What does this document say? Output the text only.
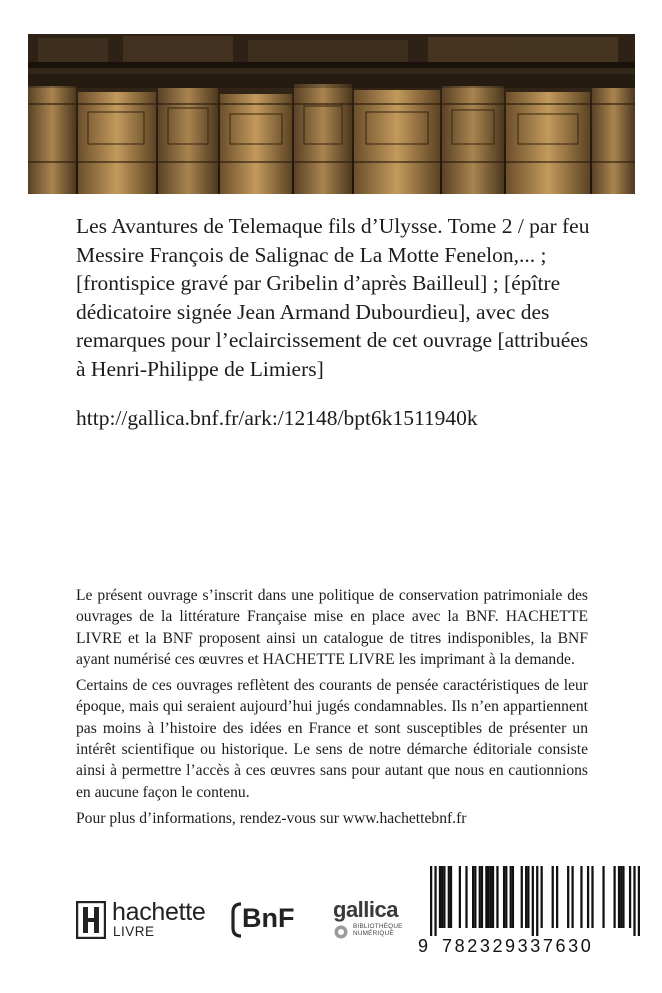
Les Avantures de Telemaque fils d’Ulysse. Tome 2 / par feu Messire François de Salignac de La Motte Fenelon,... ; [frontispice gravé par Gribelin d’après Bailleul] ; [épître dédicatoire signée Jean Armand Dubourdieu], avec des remarques pour l’eclaircissement de cet ouvrage [attribuées à Henri-Philippe de Limiers]

http://gallica.bnf.fr/ark:/12148/bpt6k1511940k

Le présent ouvrage s’inscrit dans une politique de conservation patrimoniale des ouvrages de la littérature Française mise en place avec la BNF. HACHETTE LIVRE et la BNF proposent ainsi un catalogue de titres indisponibles, la BNF ayant numérisé ces œuvres et HACHETTE LIVRE les imprimant à la demande.

Certains de ces ouvrages reflètent des courants de pensée caractéristiques de leur époque, mais qui seraient aujourd’hui jugés condamnables. Ils n’en appartiennent pas moins à l’histoire des idées en France et sont susceptibles de présenter un intérêt scientifique ou historique. Le sens de notre démarche éditoriale consiste ainsi à permettre l’accès à ces œuvres sans pour autant que nous en cautionnions en aucune façon le contenu.

Pour plus d’informations, rendez-vous sur www.hachettebnf.fr

hachette
LIVRE	BnF gallica
BIBLIOTHÈQUE NUMÉRIQUE
9 782329337630
